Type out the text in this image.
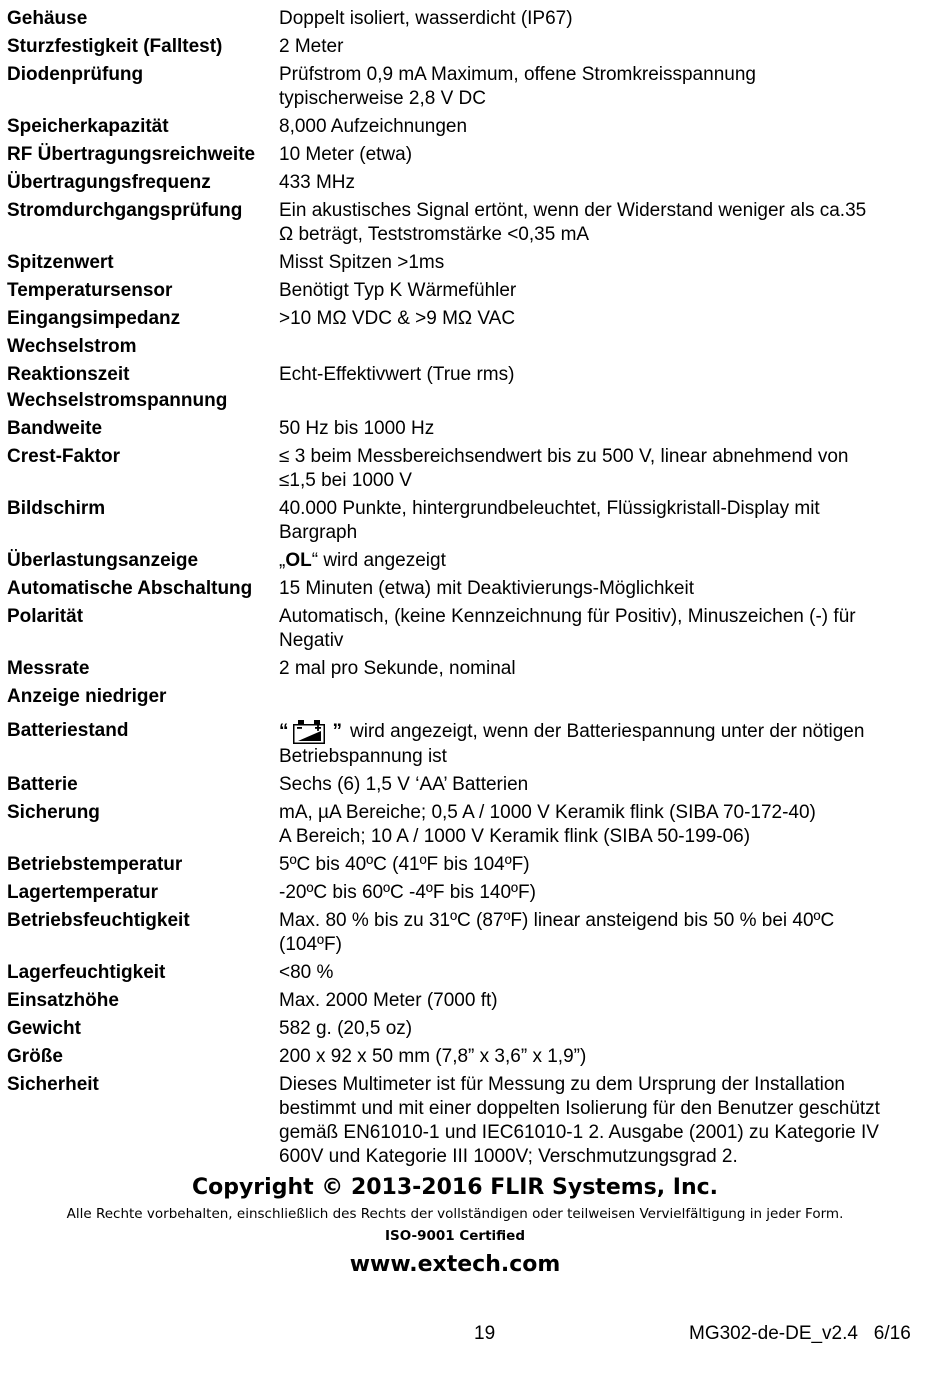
Gehäuse	Doppelt isoliert, wasserdicht (IP67)
Sturzfestigkeit (Falltest)	2 Meter
Diodenprüfung	Prüfstrom 0,9 mA Maximum, offene Stromkreisspannung
typischerweise 2,8 V DC
Speicherkapazität	8,000 Aufzeichnungen
RF Übertragungsreichweite	10 Meter (etwa)
Übertragungsfrequenz	433 MHz
Stromdurchgangsprüfung	Ein akustisches Signal ertönt, wenn der Widerstand weniger als ca.35
Ω beträgt, Teststromstärke <0,35 mA
Spitzenwert	Misst Spitzen >1ms
Temperatursensor	Benötigt Typ K Wärmefühler
Eingangsimpedanz	>10 MΩ VDC & >9 MΩ VAC
Wechselstrom
Reaktionszeit	Echt-Effektivwert (True rms)
Wechselstromspannung
Bandweite	50 Hz bis 1000 Hz
Crest-Faktor	≤ 3 beim Messbereichsendwert bis zu 500 V, linear abnehmend von
≤1,5 bei 1000 V
Bildschirm	40.000 Punkte, hintergrundbeleuchtet, Flüssigkristall-Display mit
Bargraph
Überlastungsanzeige	„OL“ wird angezeigt
Automatische Abschaltung	15 Minuten (etwa) mit Deaktivierungs-Möglichkeit
Polarität	Automatisch, (keine Kennzeichnung für Positiv), Minuszeichen (-) für
Negativ
Messrate	2 mal pro Sekunde, nominal
Anzeige niedriger
Batteriestand	“ ” wird angezeigt, wenn der Batteriespannung unter der nötigen
Betriebspannung ist
Batterie	Sechs (6) 1,5 V ‘AA’ Batterien
Sicherung	mA, µA Bereiche; 0,5 A / 1000 V Keramik flink (SIBA 70-172-40)
A Bereich; 10 A / 1000 V Keramik flink (SIBA 50-199-06)
Betriebstemperatur	5ºC bis 40ºC (41ºF bis 104ºF)
Lagertemperatur	-20ºC bis 60ºC -4ºF bis 140ºF)
Betriebsfeuchtigkeit	Max. 80 % bis zu 31ºC (87ºF) linear ansteigend bis 50 % bei 40ºC
(104ºF)
Lagerfeuchtigkeit	<80 %
Einsatzhöhe	Max. 2000 Meter (7000 ft)
Gewicht	582 g. (20,5 oz)
Größe	200 x 92 x 50 mm (7,8” x 3,6” x 1,9”)
Sicherheit	Dieses Multimeter ist für Messung zu dem Ursprung der Installation
bestimmt und mit einer doppelten Isolierung für den Benutzer geschützt
gemäß EN61010-1 und IEC61010-1 2. Ausgabe (2001) zu Kategorie IV
600V und Kategorie III 1000V; Verschmutzungsgrad 2.
Copyright © 2013-2016 FLIR Systems, Inc.
Alle Rechte vorbehalten, einschließlich des Rechts der vollständigen oder teilweisen Vervielfältigung in jeder Form.
ISO-9001 Certified
www.extech.com
19	MG302-de-DE_v2.4   6/16
